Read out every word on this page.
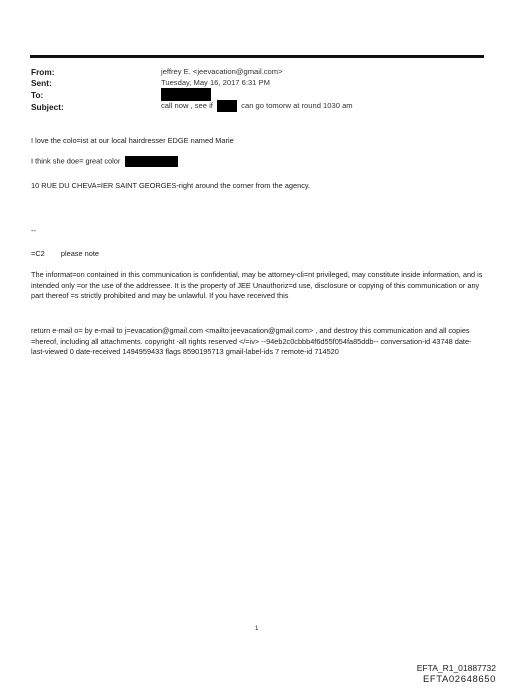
From:	jeffrey E. <jeevacation@gmail.com>
Sent:	Tuesday, May 16, 2017 6:31 PM
To:
Subject:	call now , see if	can go tomorw at round 1030 am
I love the colo=ist at our local hairdresser EDGE named Marie
I think she doe= great color
10 RUE DU CHEVA=IER SAINT GEORGES-right around the corner from the agency.
--
=C2 please note
The informat=on contained in this communication is confidential, may be attorney-cli=nt privileged, may constitute inside information, and is intended only =or the use of the addressee. It is the property of JEE Unauthoriz=d use, disclosure or copying of this communication or any part thereof =s strictly prohibited and may be unlawful. If you have received this
return e-mail o= by e-mail to j=evacation@gmail.com <mailto:jeevacation@gmail.com> , and destroy this communication and all copies =hereof, including all attachments. copyright -all rights reserved </=iv> --94eb2c0cbbb4f6d55f054fa85ddb-- conversation-id 43748 date-last-viewed 0 date-received 1494959433 flags 8590195713 gmail-label-ids 7 remote-id 714520
1
EFTA_R1_01887732
EFTA02648650
